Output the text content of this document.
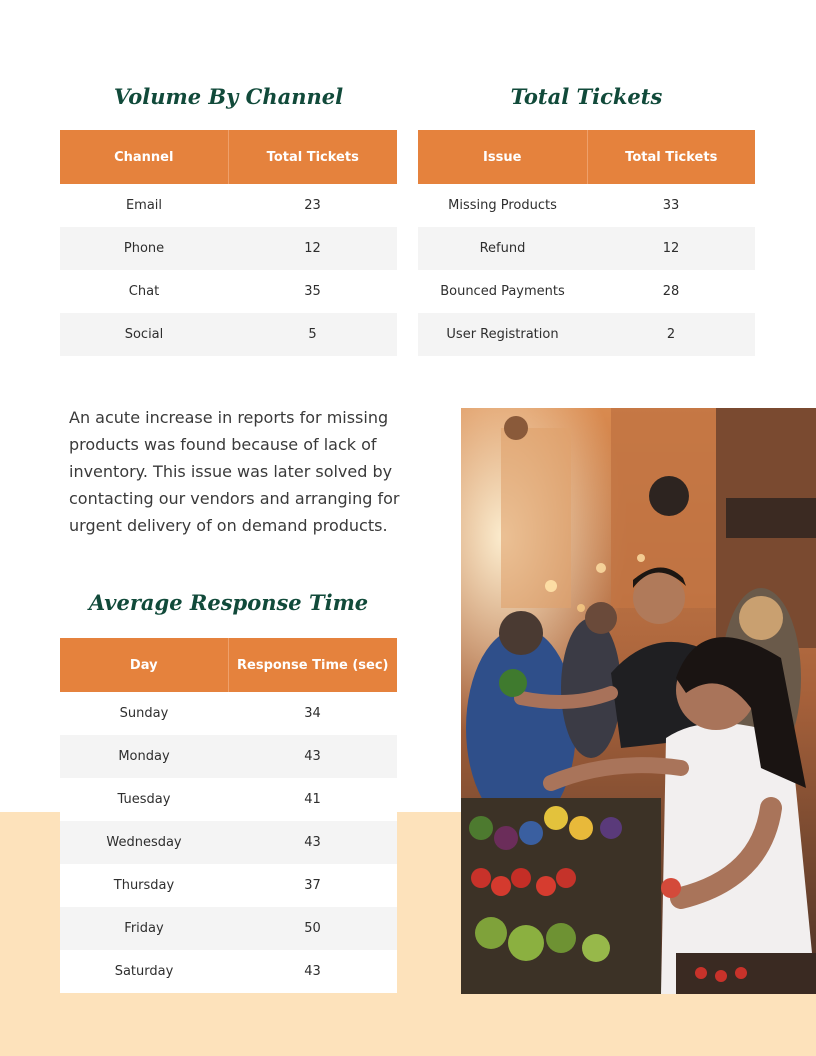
Volume By Channel
Channel	Total Tickets
Email	23
Phone	12
Chat	35
Social	5
Total Tickets
Issue	Total Tickets
Missing Products	33
Refund	12
Bounced Payments	28
User Registration	2

An acute increase in reports for missing products was found because of lack of inventory. This issue was later solved by contacting our vendors and arranging for urgent delivery of on demand products.

Average Response Time
Day	Response Time (sec)
Sunday	34
Monday	43
Tuesday	41
Wednesday	43
Thursday	37
Friday	50
Saturday	43
